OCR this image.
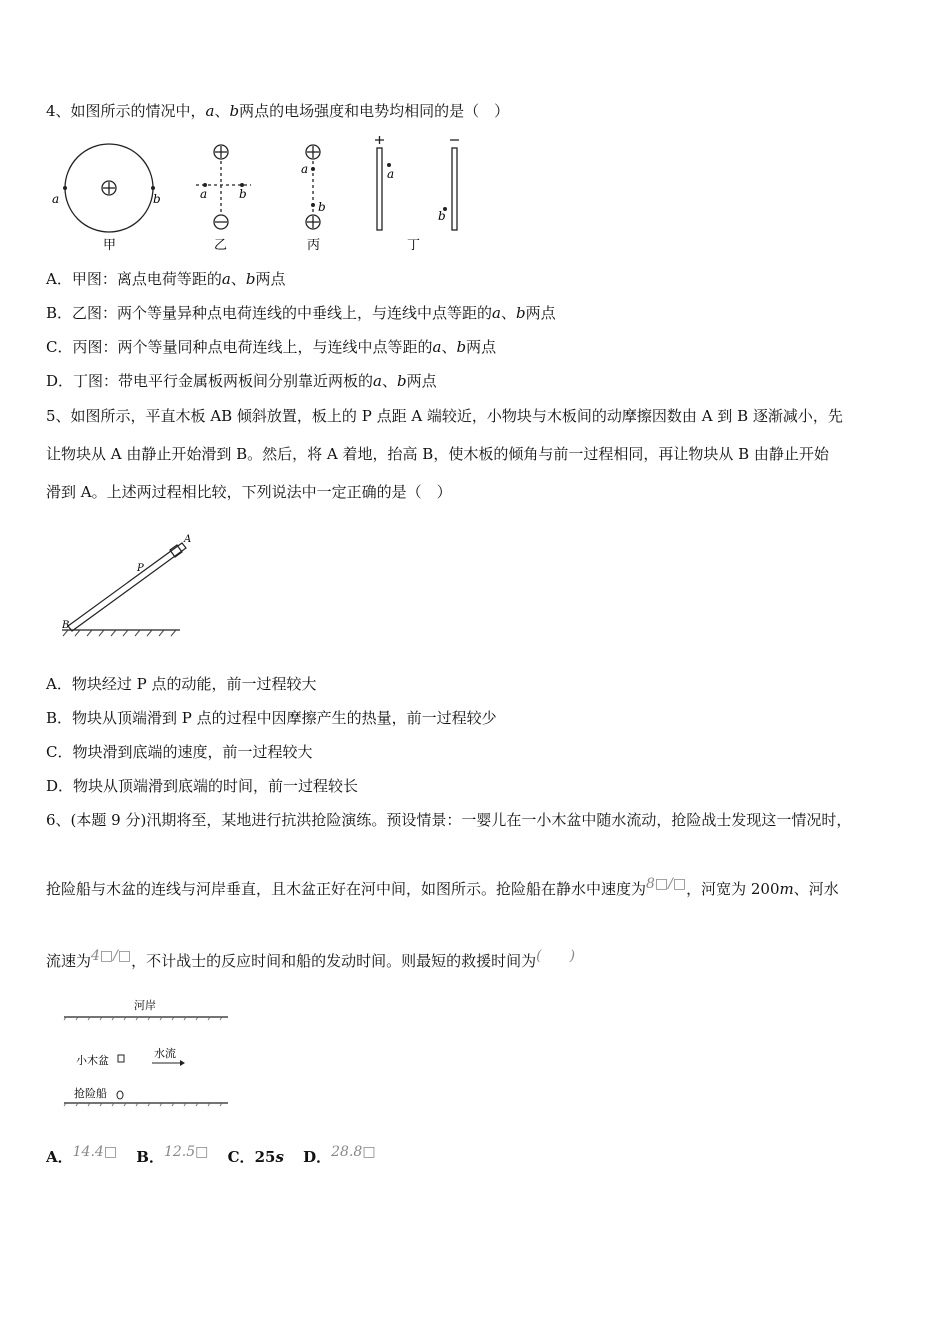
4、如图所示的情况中，a、b两点的电场强度和电势均相同的是（　）
a	b
甲
a	b
乙
a
b
丙
a
b
丁
A．甲图：离点电荷等距的a、b两点
B．乙图：两个等量异种点电荷连线的中垂线上，与连线中点等距的a、b两点
C．丙图：两个等量同种点电荷连线上，与连线中点等距的a、b两点
D．丁图：带电平行金属板两板间分别靠近两板的a、b两点
5、如图所示，平直木板 AB 倾斜放置，板上的 P 点距 A 端较近，小物块与木板间的动摩擦因数由 A 到 B 逐渐减小，先
让物块从 A 由静止开始滑到 B。然后，将 A 着地，抬高 B，使木板的倾角与前一过程相同，再让物块从 B 由静止开始
滑到 A。上述两过程相比较，下列说法中一定正确的是（　）
A
B
P
A．物块经过 P 点的动能，前一过程较大
B．物块从顶端滑到 P 点的过程中因摩擦产生的热量，前一过程较少
C．物块滑到底端的速度，前一过程较大
D．物块从顶端滑到底端的时间，前一过程较长
6、(本题 9 分)汛期将至，某地进行抗洪抢险演练。预设情景：一婴儿在一小木盆中随水流动，抢险战士发现这一情况时，
抢险船与木盆的连线与河岸垂直，且木盆正好在河中间，如图所示。抢险船在静水中速度为$^{8□/□}$，河宽为 200m、河水
流速为$^{4□/□}$，不计战士的反应时间和船的发动时间。则最短的救援时间为(　　)
河岸
小木盆
水流
抢险船
A．$^{14.4□}$ B．$^{12.5□}$ C．25s D．$^{28.8□}$
